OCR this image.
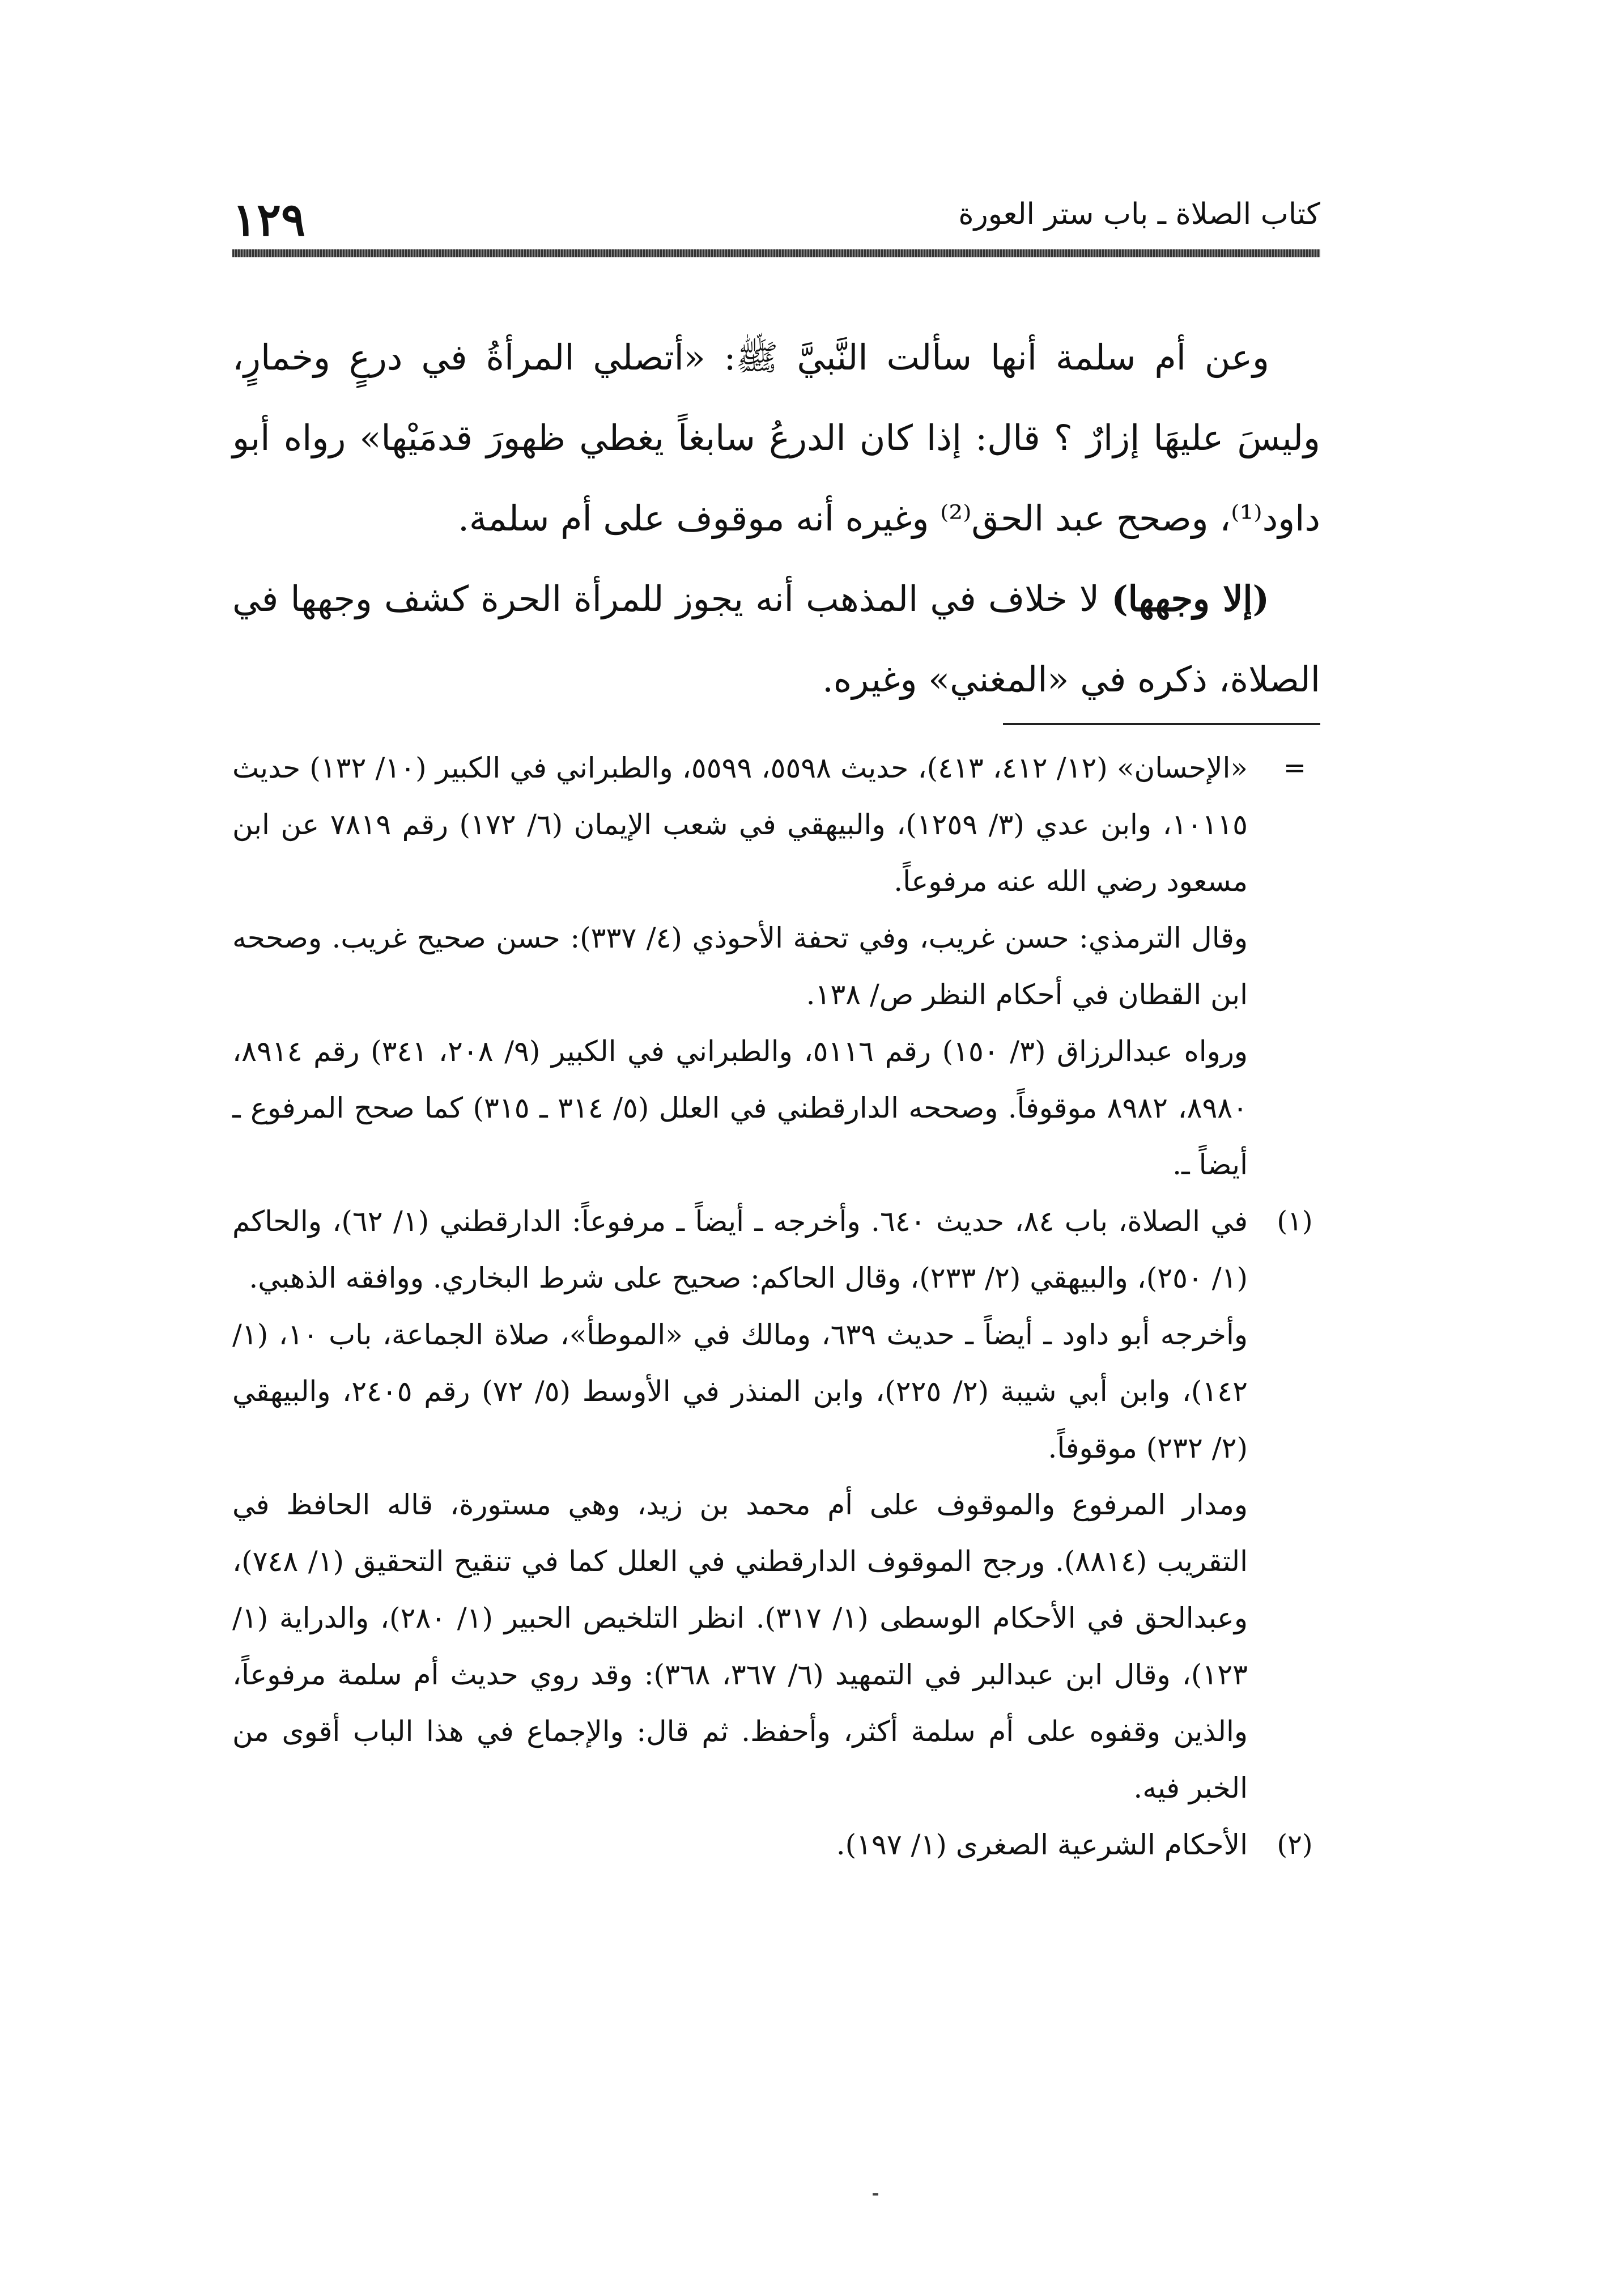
١٢٩	كتاب الصلاة ـ باب ستر العورة

وعن أم سلمة أنها سألت النَّبيَّ ﷺ: «أتصلي المرأةُ في درعٍ وخمارٍ، وليسَ عليهَا إزارٌ ؟ قال: إذا كان الدرعُ سابغاً يغطي ظهورَ قدمَيْها» رواه أبو داود⁽¹⁾، وصحح عبد الحق⁽²⁾ وغيره أنه موقوف على أم سلمة.

(إلا وجهها) لا خلاف في المذهب أنه يجوز للمرأة الحرة كشف وجهها في الصلاة، ذكره في «المغني» وغيره.

=

«الإحسان» (١٢/ ٤١٢، ٤١٣)، حديث ٥٥٩٨، ٥٥٩٩، والطبراني في الكبير (١٠/ ١٣٢) حديث ١٠١١٥، وابن عدي (٣/ ١٢٥٩)، والبيهقي في شعب الإيمان (٦/ ١٧٢) رقم ٧٨١٩ عن ابن مسعود رضي الله عنه مرفوعاً.

وقال الترمذي: حسن غريب، وفي تحفة الأحوذي (٤/ ٣٣٧): حسن صحيح غريب. وصححه ابن القطان في أحكام النظر ص/ ١٣٨.

ورواه عبدالرزاق (٣/ ١٥٠) رقم ٥١١٦، والطبراني في الكبير (٩/ ٢٠٨، ٣٤١) رقم ٨٩١٤، ٨٩٨٠، ٨٩٨٢ موقوفاً. وصححه الدارقطني في العلل (٥/ ٣١٤ ـ ٣١٥) كما صحح المرفوع ـ أيضاً ـ.

(١)

في الصلاة، باب ٨٤، حديث ٦٤٠. وأخرجه ـ أيضاً ـ مرفوعاً: الدارقطني (١/ ٦٢)، والحاكم (١/ ٢٥٠)، والبيهقي (٢/ ٢٣٣)، وقال الحاكم: صحيح على شرط البخاري. ووافقه الذهبي.

وأخرجه أبو داود ـ أيضاً ـ حديث ٦٣٩، ومالك في «الموطأ»، صلاة الجماعة، باب ١٠، (١/ ١٤٢)، وابن أبي شيبة (٢/ ٢٢٥)، وابن المنذر في الأوسط (٥/ ٧٢) رقم ٢٤٠٥، والبيهقي (٢/ ٢٣٢) موقوفاً.

ومدار المرفوع والموقوف على أم محمد بن زيد، وهي مستورة، قاله الحافظ في التقريب (٨٨١٤). ورجح الموقوف الدارقطني في العلل كما في تنقيح التحقيق (١/ ٧٤٨)، وعبدالحق في الأحكام الوسطى (١/ ٣١٧). انظر التلخيص الحبير (١/ ٢٨٠)، والدراية (١/ ١٢٣)، وقال ابن عبدالبر في التمهيد (٦/ ٣٦٧، ٣٦٨): وقد روي حديث أم سلمة مرفوعاً، والذين وقفوه على أم سلمة أكثر، وأحفظ. ثم قال: والإجماع في هذا الباب أقوى من الخبر فيه.

(٢)

الأحكام الشرعية الصغرى (١/ ١٩٧).
